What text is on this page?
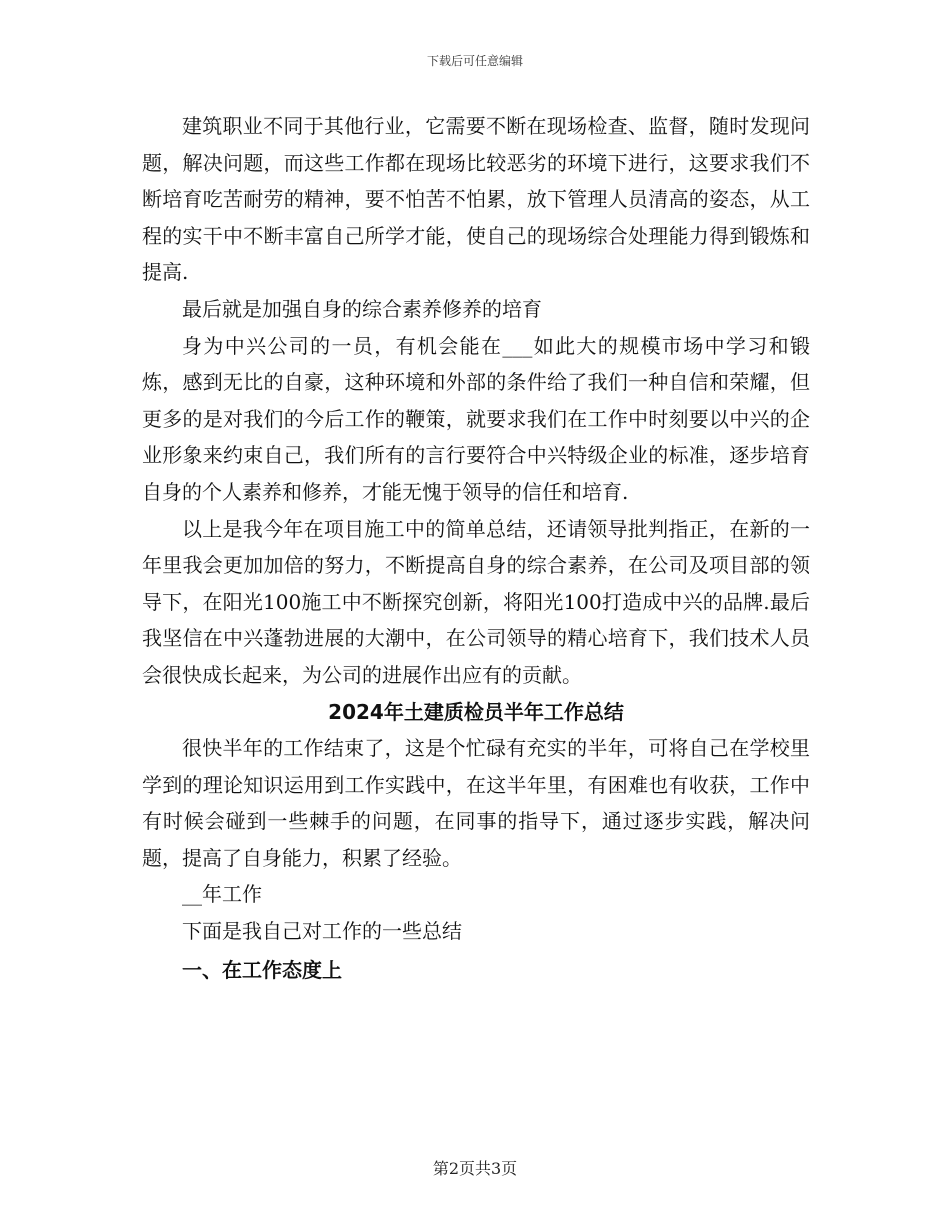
下载后可任意编辑

建筑职业不同于其他行业，它需要不断在现场检查、监督，随时发现问题，解决问题，而这些工作都在现场比较恶劣的环境下进行，这要求我们不断培育吃苦耐劳的精神，要不怕苦不怕累，放下管理人员清高的姿态，从工程的实干中不断丰富自己所学才能，使自己的现场综合处理能力得到锻炼和提高.

最后就是加强自身的综合素养修养的培育

身为中兴公司的一员，有机会能在___如此大的规模市场中学习和锻炼，感到无比的自豪，这种环境和外部的条件给了我们一种自信和荣耀，但更多的是对我们的今后工作的鞭策，就要求我们在工作中时刻要以中兴的企业形象来约束自己，我们所有的言行要符合中兴特级企业的标准，逐步培育自身的个人素养和修养，才能无愧于领导的信任和培育.

以上是我今年在项目施工中的简单总结，还请领导批判指正，在新的一年里我会更加加倍的努力，不断提高自身的综合素养，在公司及项目部的领导下，在阳光100施工中不断探究创新，将阳光100打造成中兴的品牌.最后我坚信在中兴蓬勃进展的大潮中，在公司领导的精心培育下，我们技术人员会很快成长起来，为公司的进展作出应有的贡献。

2024年土建质检员半年工作总结

很快半年的工作结束了，这是个忙碌有充实的半年，可将自己在学校里学到的理论知识运用到工作实践中，在这半年里，有困难也有收获，工作中有时候会碰到一些棘手的问题，在同事的指导下，通过逐步实践，解决问题，提高了自身能力，积累了经验。

__年工作

下面是我自己对工作的一些总结

一、在工作态度上

第2页共3页
